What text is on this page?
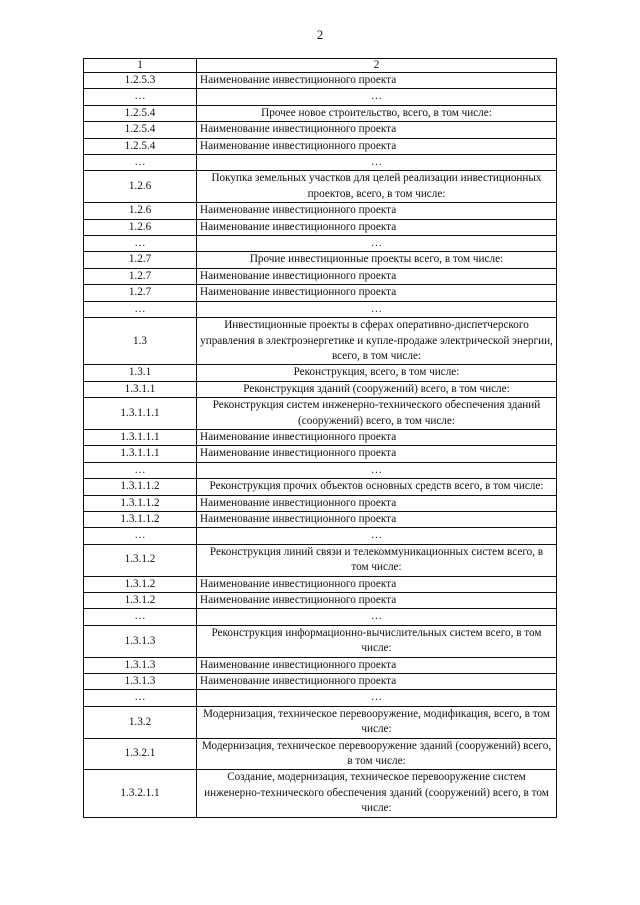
2
1	2
1.2.5.3	Наименование инвестиционного проекта
…	…
1.2.5.4	Прочее новое строительство, всего, в том числе:
1.2.5.4	Наименование инвестиционного проекта
1.2.5.4	Наименование инвестиционного проекта
…	…
1.2.6	Покупка земельных участков для целей реализации инвестиционных проектов, всего, в том числе:
1.2.6	Наименование инвестиционного проекта
1.2.6	Наименование инвестиционного проекта
…	…
1.2.7	Прочие инвестиционные проекты всего, в том числе:
1.2.7	Наименование инвестиционного проекта
1.2.7	Наименование инвестиционного проекта
…	…
1.3	Инвестиционные проекты в сферах оперативно-диспетчерского управления в электроэнергетике и купле-продаже электрической энергии, всего, в том числе:
1.3.1	Реконструкция, всего, в том числе:
1.3.1.1	Реконструкция зданий (сооружений) всего, в том числе:
1.3.1.1.1	Реконструкция систем инженерно-технического обеспечения зданий (сооружений) всего, в том числе:
1.3.1.1.1	Наименование инвестиционного проекта
1.3.1.1.1	Наименование инвестиционного проекта
…	…
1.3.1.1.2	Реконструкция прочих объектов основных средств всего, в том числе:
1.3.1.1.2	Наименование инвестиционного проекта
1.3.1.1.2	Наименование инвестиционного проекта
…	…
1.3.1.2	Реконструкция линий связи и телекоммуникационных систем всего, в том числе:
1.3.1.2	Наименование инвестиционного проекта
1.3.1.2	Наименование инвестиционного проекта
…	…
1.3.1.3	Реконструкция информационно-вычислительных систем всего, в том числе:
1.3.1.3	Наименование инвестиционного проекта
1.3.1.3	Наименование инвестиционного проекта
…	…
1.3.2	Модернизация, техническое перевооружение, модификация, всего, в том числе:
1.3.2.1	Модернизация, техническое перевооружение зданий (сооружений) всего, в том числе:
1.3.2.1.1	Создание, модернизация, техническое перевооружение систем инженерно-технического обеспечения зданий (сооружений) всего, в том числе:
